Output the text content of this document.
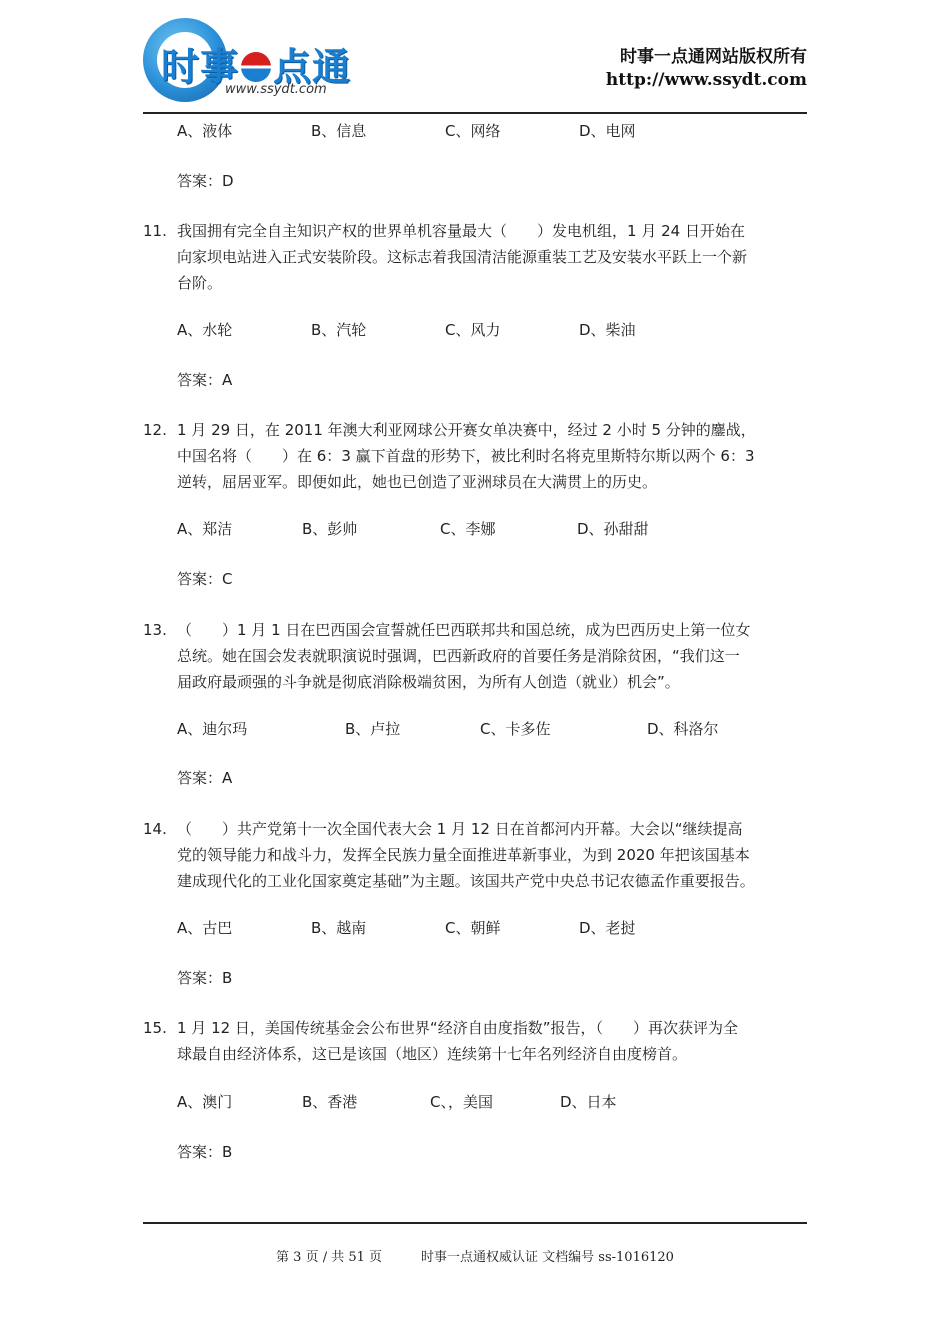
时事 点通
www.ssydt.com
时事一点通网站版权所有
http://www.ssydt.com
A、液体	B、信息	C、网络	D、电网
答案：D
11. 我国拥有完全自主知识产权的世界单机容量最大（　　）发电机组，1 月 24 日开始在
向家坝电站进入正式安装阶段。这标志着我国清洁能源重装工艺及安装水平跃上一个新
台阶。
A、水轮	B、汽轮	C、风力	D、柴油
答案：A
12. 1 月 29 日，在 2011 年澳大利亚网球公开赛女单决赛中，经过 2 小时 5 分钟的鏖战，
中国名将（　　）在 6：3 赢下首盘的形势下，被比利时名将克里斯特尔斯以两个 6：3
逆转，屈居亚军。即便如此，她也已创造了亚洲球员在大满贯上的历史。
A、郑洁	B、彭帅	C、李娜	D、孙甜甜
答案：C
13. （　　）1 月 1 日在巴西国会宣誓就任巴西联邦共和国总统，成为巴西历史上第一位女
总统。她在国会发表就职演说时强调，巴西新政府的首要任务是消除贫困，“我们这一
届政府最顽强的斗争就是彻底消除极端贫困，为所有人创造（就业）机会”。
A、迪尔玛	B、卢拉	C、卡多佐	D、科洛尔
答案：A
14. （　　）共产党第十一次全国代表大会 1 月 12 日在首都河内开幕。大会以“继续提高
党的领导能力和战斗力，发挥全民族力量全面推进革新事业，为到 2020 年把该国基本
建成现代化的工业化国家奠定基础”为主题。该国共产党中央总书记农德孟作重要报告。
A、古巴	B、越南	C、朝鲜	D、老挝
答案：B
15. 1 月 12 日，美国传统基金会公布世界“经济自由度指数”报告，（　　）再次获评为全
球最自由经济体系，这已是该国（地区）连续第十七年名列经济自由度榜首。
A、澳门	B、香港	C、，美国	D、日本
答案：B
第 3 页 / 共 51 页　　　时事一点通权威认证 文档编号 ss-1016120
